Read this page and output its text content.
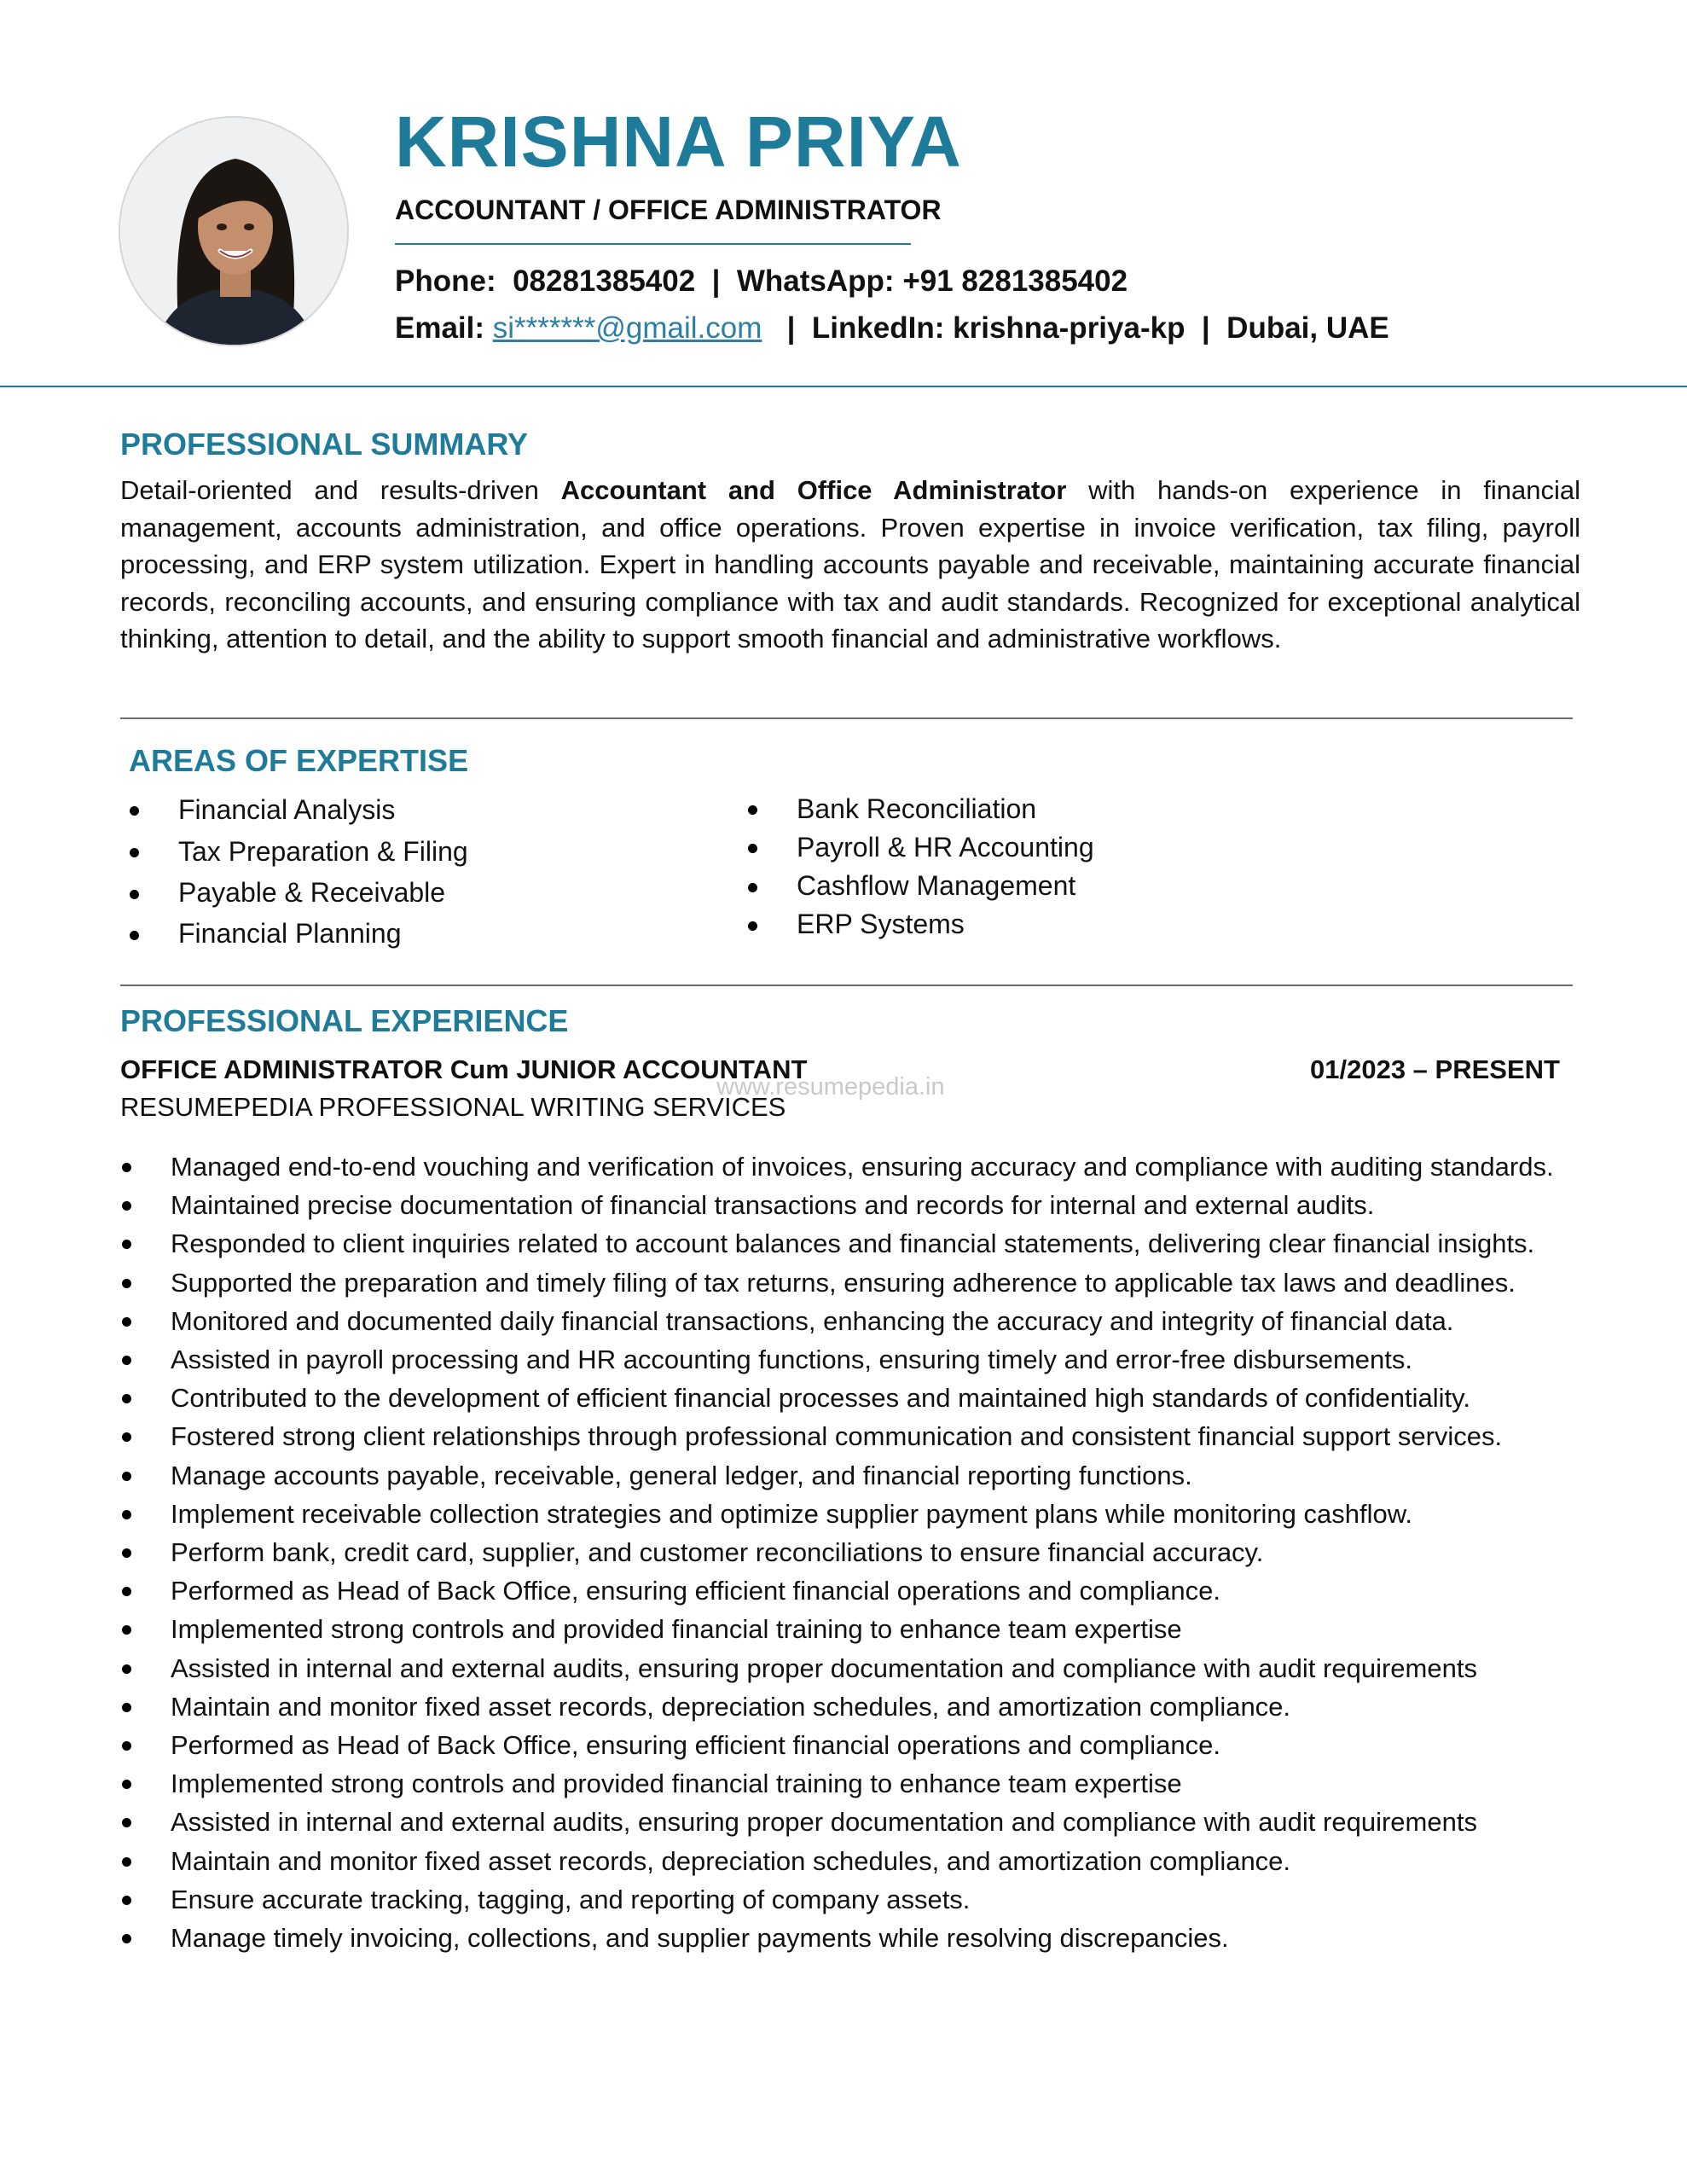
KRISHNA PRIYA
ACCOUNTANT / OFFICE ADMINISTRATOR
Phone: 08281385402 | WhatsApp: +91 8281385402
Email: si*******@gmail.com | LinkedIn: krishna-priya-kp | Dubai, UAE
PROFESSIONAL SUMMARY
Detail-oriented and results-driven Accountant and Office Administrator with hands-on experience in financial management, accounts administration, and office operations. Proven expertise in invoice verification, tax filing, payroll processing, and ERP system utilization. Expert in handling accounts payable and receivable, maintaining accurate financial records, reconciling accounts, and ensuring compliance with tax and audit standards. Recognized for exceptional analytical thinking, attention to detail, and the ability to support smooth financial and administrative workflows.
AREAS OF EXPERTISE
Financial Analysis
Tax Preparation & Filing
Payable & Receivable
Financial Planning
Bank Reconciliation
Payroll & HR Accounting
Cashflow Management
ERP Systems
PROFESSIONAL EXPERIENCE
OFFICE ADMINISTRATOR Cum JUNIOR ACCOUNTANT	01/2023 – PRESENT
RESUMEPEDIA PROFESSIONAL WRITING SERVICES
www.resumepedia.in
Managed end-to-end vouching and verification of invoices, ensuring accuracy and compliance with auditing standards.
Maintained precise documentation of financial transactions and records for internal and external audits.
Responded to client inquiries related to account balances and financial statements, delivering clear financial insights.
Supported the preparation and timely filing of tax returns, ensuring adherence to applicable tax laws and deadlines.
Monitored and documented daily financial transactions, enhancing the accuracy and integrity of financial data.
Assisted in payroll processing and HR accounting functions, ensuring timely and error-free disbursements.
Contributed to the development of efficient financial processes and maintained high standards of confidentiality.
Fostered strong client relationships through professional communication and consistent financial support services.
Manage accounts payable, receivable, general ledger, and financial reporting functions.
Implement receivable collection strategies and optimize supplier payment plans while monitoring cashflow.
Perform bank, credit card, supplier, and customer reconciliations to ensure financial accuracy.
Performed as Head of Back Office, ensuring efficient financial operations and compliance.
Implemented strong controls and provided financial training to enhance team expertise
Assisted in internal and external audits, ensuring proper documentation and compliance with audit requirements
Maintain and monitor fixed asset records, depreciation schedules, and amortization compliance.
Performed as Head of Back Office, ensuring efficient financial operations and compliance.
Implemented strong controls and provided financial training to enhance team expertise
Assisted in internal and external audits, ensuring proper documentation and compliance with audit requirements
Maintain and monitor fixed asset records, depreciation schedules, and amortization compliance.
Ensure accurate tracking, tagging, and reporting of company assets.
Manage timely invoicing, collections, and supplier payments while resolving discrepancies.
